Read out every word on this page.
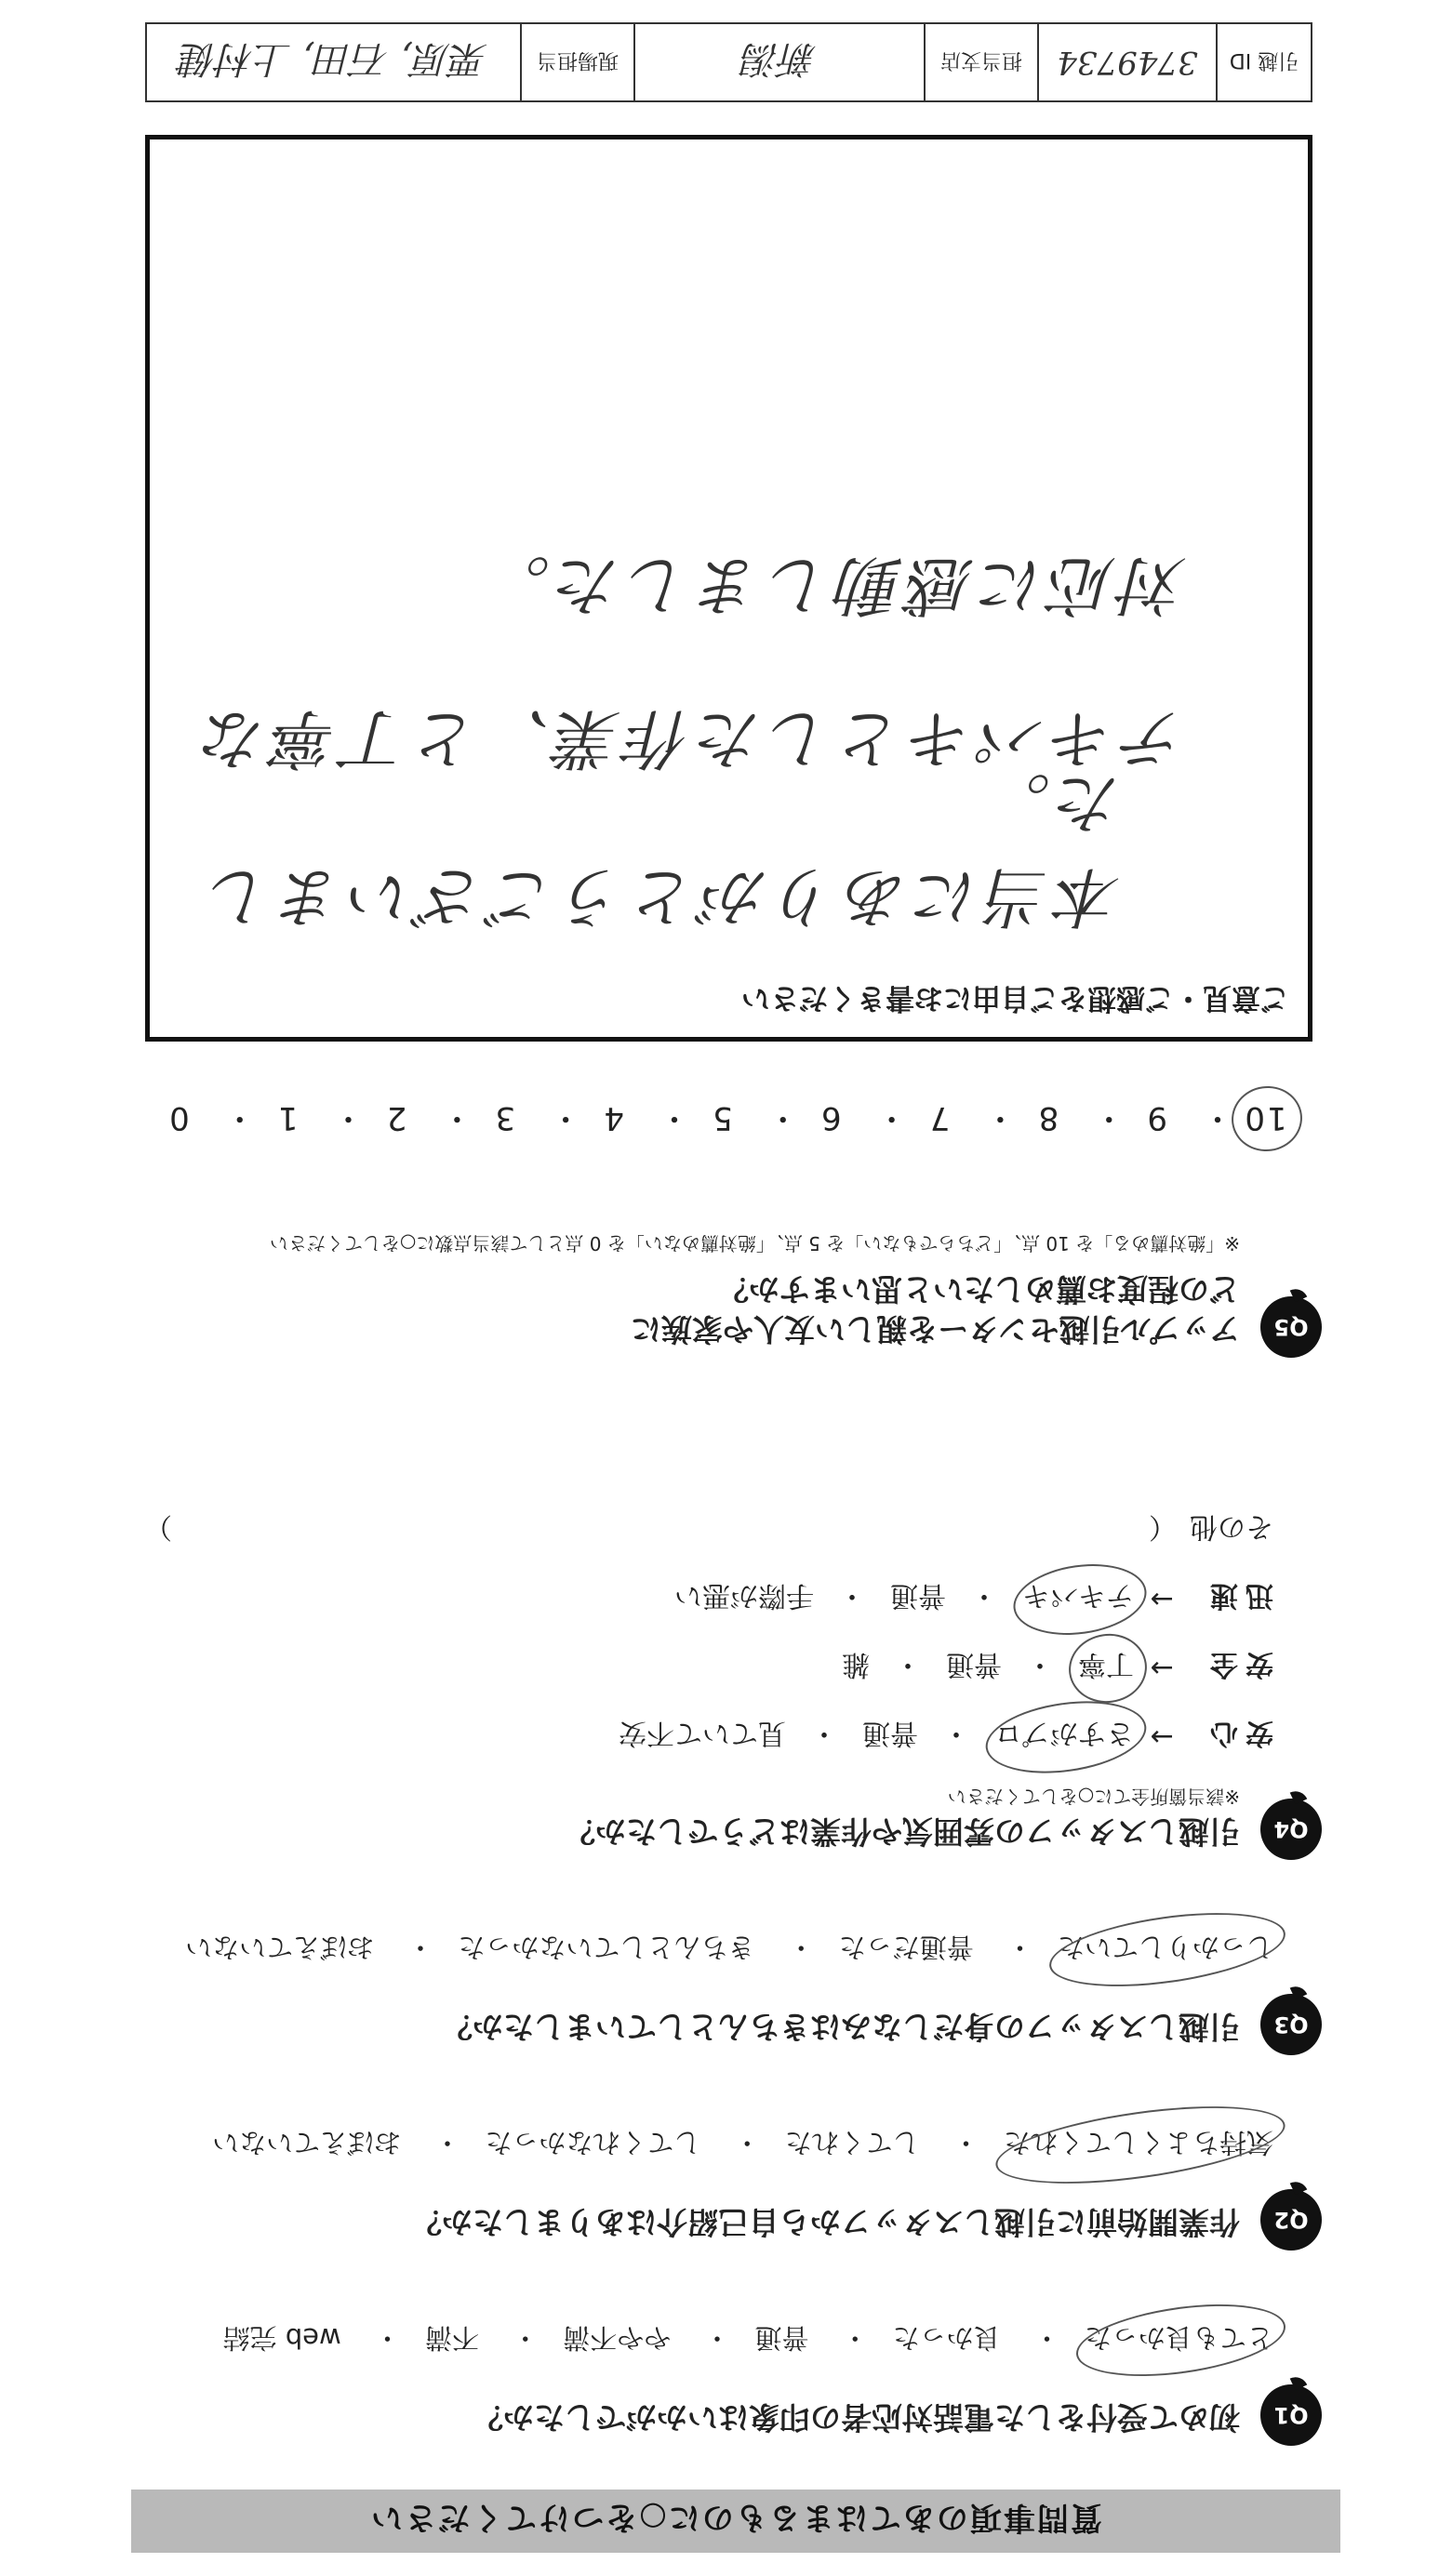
質問事項のあてはまるものに○をつけてください
Q1
初めて受付をした電話対応者の印象はいかがでしたか？
とても良かった・ 良かった・ 普通・ やや不満・ 不満・ web 完結
Q2
作業開始前に引越しスタッフから自己紹介はありましたか？
気持ちよくしてくれた・ してくれた・ してくれなかった・ おぼえていない
Q3
引越しスタッフの身だしなみはきちんとしていましたか？
しっかりしていた・ 普通だった・ きちんとしていなかった・ おぼえていない
Q4
引越しスタッフの雰囲気や作業はどうでしたか？
※該当箇所全てに○をしてください
安心
→
さすがプロ
・
普通
・
見ていて不安
安全
→
丁寧
・
普通
・
雑
迅速
→
テキパキ
・
普通
・
手際が悪い
その他
（
）
Q5
アップル引越センターを親しい友人や家族に
どの程度お薦めしたいと思いますか？
※「絶対薦める」を 10 点、「どちらでもない」を 5 点、「絶対薦めない」を 0 点として該当点数に○をしてください
10・ 9・ 8・ 7・ 6・ 5・ 4・ 3・ 2・ 1・ 0
ご意見・ご感想をご自由にお書きください
本当にありがとうございました。
テキパキとした作業、と丁寧な
対応に感動しました。
引越 ID
3749734
担当支店
新潟
現場担当
栗原, 石田, 上村健
